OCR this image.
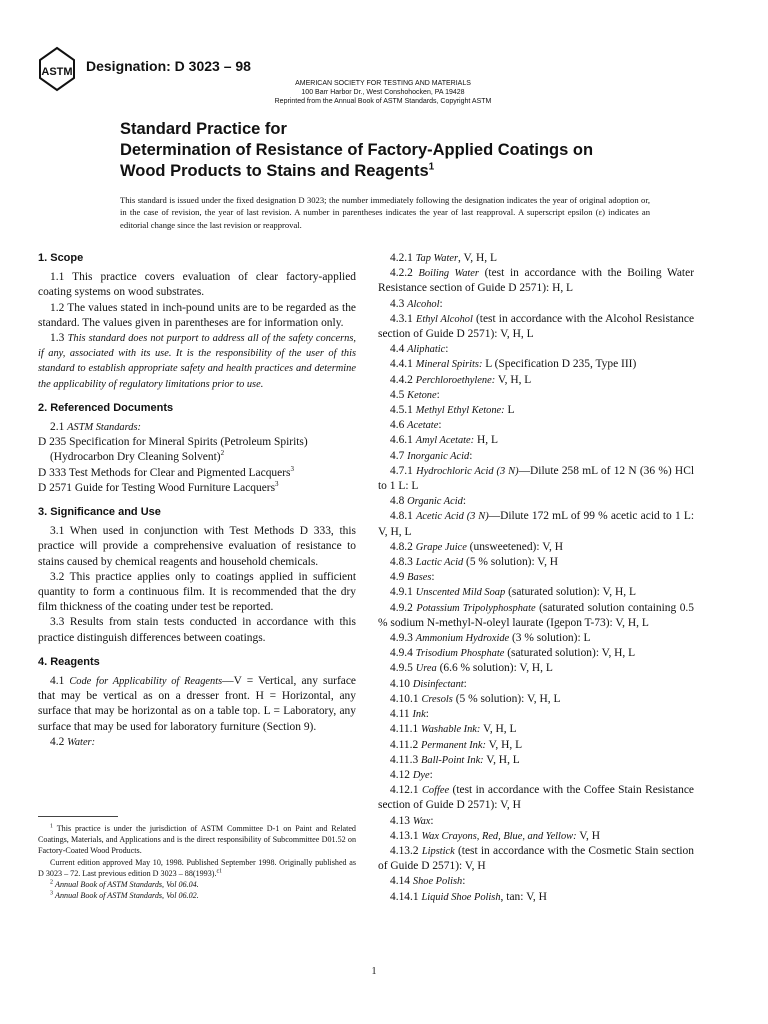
ASTM Designation: D 3023 – 98
AMERICAN SOCIETY FOR TESTING AND MATERIALS
100 Barr Harbor Dr., West Conshohocken, PA 19428
Reprinted from the Annual Book of ASTM Standards, Copyright ASTM
Standard Practice for
Determination of Resistance of Factory-Applied Coatings on
Wood Products to Stains and Reagents$^1$
This standard is issued under the fixed designation D 3023; the number immediately following the designation indicates the year of original adoption or, in the case of revision, the year of last revision. A number in parentheses indicates the year of last reapproval. A superscript epsilon (ε) indicates an editorial change since the last revision or reapproval.
1. Scope

1.1 This practice covers evaluation of clear factory-applied coating systems on wood substrates.

1.2 The values stated in inch-pound units are to be regarded as the standard. The values given in parentheses are for information only.

1.3 This standard does not purport to address all of the safety concerns, if any, associated with its use. It is the responsibility of the user of this standard to establish appropriate safety and health practices and determine the applicability of regulatory limitations prior to use.

2. Referenced Documents

2.1 ASTM Standards:

D 235 Specification for Mineral Spirits (Petroleum Spirits)
(Hydrocarbon Dry Cleaning Solvent)$^2$
D 333 Test Methods for Clear and Pigmented Lacquers$^3$
D 2571 Guide for Testing Wood Furniture Lacquers$^3$
3. Significance and Use

3.1 When used in conjunction with Test Methods D 333, this practice will provide a comprehensive evaluation of resistance to stains caused by chemical reagents and household chemicals.

3.2 This practice applies only to coatings applied in sufficient quantity to form a continuous film. It is recommended that the dry film thickness of the coating under test be reported.

3.3 Results from stain tests conducted in accordance with this practice distinguish differences between coatings.

4. Reagents

4.1 Code for Applicability of Reagents—V = Vertical, any surface that may be vertical as on a dresser front. H = Horizontal, any surface that may be horizontal as on a table top. L = Laboratory, any surface that may be used for laboratory furniture (Section 9).

4.2 Water:

$^1$ This practice is under the jurisdiction of ASTM Committee D-1 on Paint and Related Coatings, Materials, and Applications and is the direct responsibility of Subcommittee D01.52 on Factory-Coated Wood Products.

Current edition approved May 10, 1998. Published September 1998. Originally published as D 3023 – 72. Last previous edition D 3023 – 88(1993).$^{\varepsilon 1}$

$^2$ Annual Book of ASTM Standards, Vol 06.04.

$^3$ Annual Book of ASTM Standards, Vol 06.02.

4.2.1 Tap Water, V, H, L

4.2.2 Boiling Water (test in accordance with the Boiling Water Resistance section of Guide D 2571): H, L

4.3 Alcohol:

4.3.1 Ethyl Alcohol (test in accordance with the Alcohol Resistance section of Guide D 2571): V, H, L

4.4 Aliphatic:

4.4.1 Mineral Spirits: L (Specification D 235, Type III)

4.4.2 Perchloroethylene: V, H, L

4.5 Ketone:

4.5.1 Methyl Ethyl Ketone: L

4.6 Acetate:

4.6.1 Amyl Acetate: H, L

4.7 Inorganic Acid:

4.7.1 Hydrochloric Acid (3 N)—Dilute 258 mL of 12 N (36 %) HCl to 1 L: L

4.8 Organic Acid:

4.8.1 Acetic Acid (3 N)—Dilute 172 mL of 99 % acetic acid to 1 L: V, H, L

4.8.2 Grape Juice (unsweetened): V, H

4.8.3 Lactic Acid (5 % solution): V, H

4.9 Bases:

4.9.1 Unscented Mild Soap (saturated solution): V, H, L

4.9.2 Potassium Tripolyphosphate (saturated solution containing 0.5 % sodium N-methyl-N-oleyl laurate (Igepon T-73): V, H, L

4.9.3 Ammonium Hydroxide (3 % solution): L

4.9.4 Trisodium Phosphate (saturated solution): V, H, L

4.9.5 Urea (6.6 % solution): V, H, L

4.10 Disinfectant:

4.10.1 Cresols (5 % solution): V, H, L

4.11 Ink:

4.11.1 Washable Ink: V, H, L

4.11.2 Permanent Ink: V, H, L

4.11.3 Ball-Point Ink: V, H, L

4.12 Dye:

4.12.1 Coffee (test in accordance with the Coffee Stain Resistance section of Guide D 2571): V, H

4.13 Wax:

4.13.1 Wax Crayons, Red, Blue, and Yellow: V, H

4.13.2 Lipstick (test in accordance with the Cosmetic Stain section of Guide D 2571): V, H

4.14 Shoe Polish:

4.14.1 Liquid Shoe Polish, tan: V, H

1
